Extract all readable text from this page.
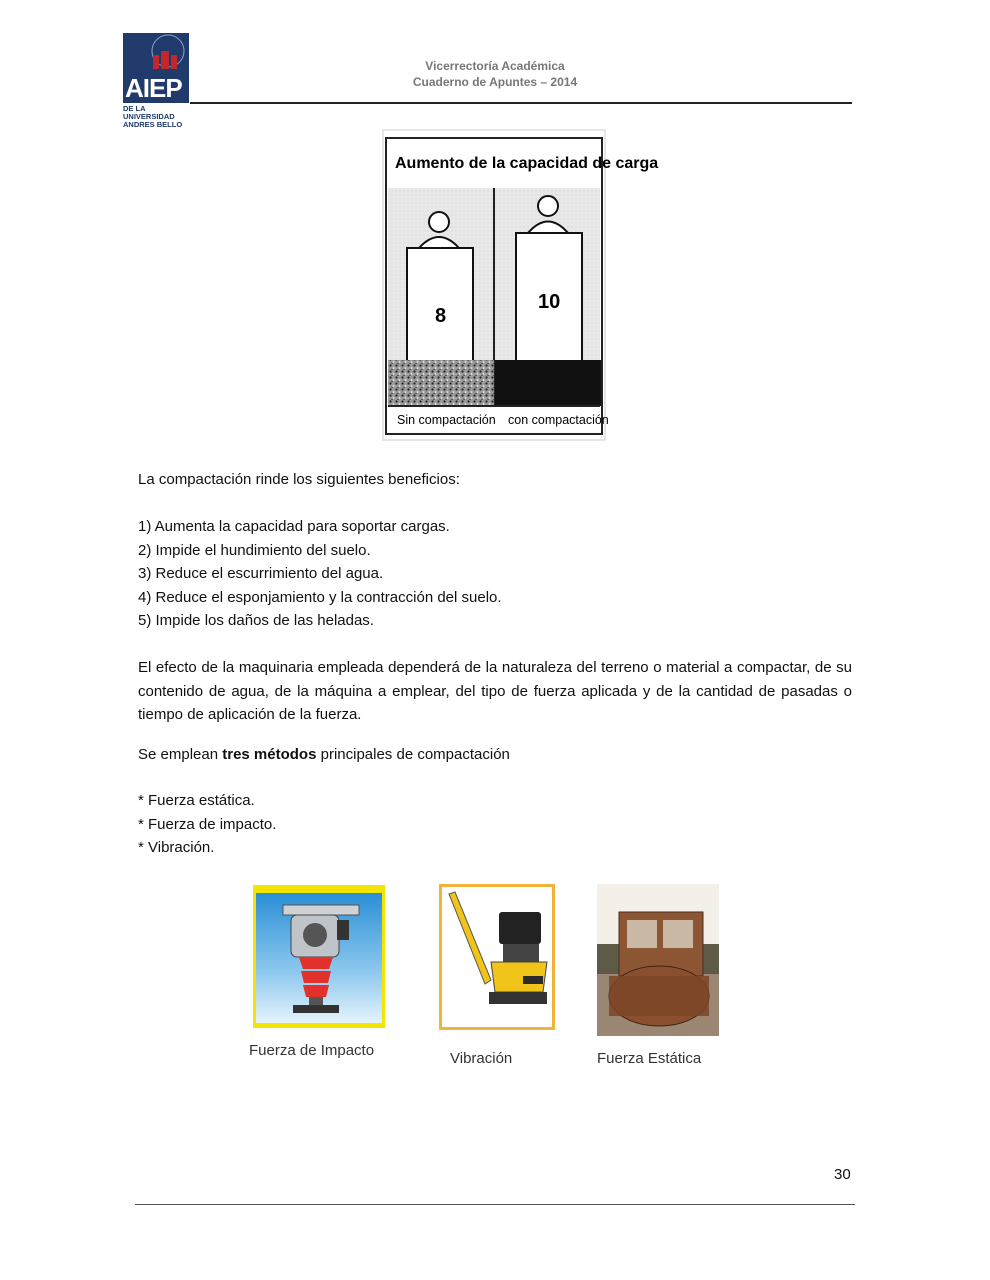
AIEP
DE LA UNIVERSIDAD
ANDRES BELLO
Vicerrectoría Académica
Cuaderno de Apuntes – 2014
Aumento de la capacidad de carga
8
10
Sin compactación con compactación
La compactación rinde los siguientes beneficios:
1) Aumenta la capacidad para soportar cargas.
2) Impide el hundimiento del suelo.
3) Reduce el escurrimiento del agua.
4) Reduce el esponjamiento y la contracción del suelo.
5) Impide los daños de las heladas.
El efecto de la maquinaria empleada dependerá de la naturaleza del terreno o material a compactar, de su contenido de agua, de la máquina a emplear, del tipo de fuerza aplicada y de la cantidad de pasadas o tiempo de aplicación de la fuerza.
Se emplean tres métodos principales de compactación
* Fuerza estática.
* Fuerza de impacto.
* Vibración.
Fuerza de Impacto	Vibración	Fuerza Estática
30
